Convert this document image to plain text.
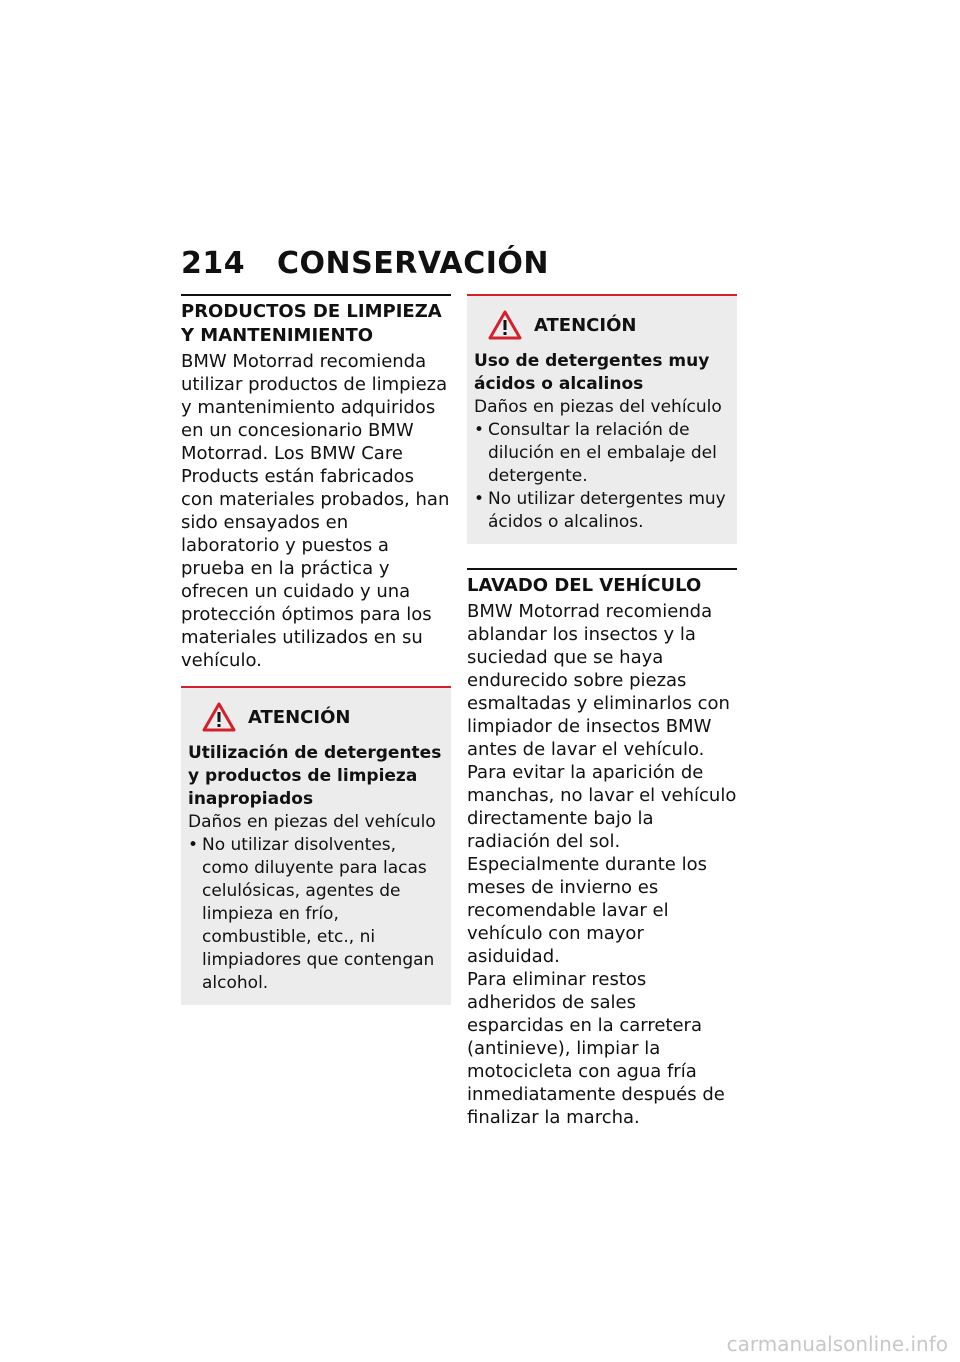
214 CONSERVACIÓN
PRODUCTOS DE LIMPIEZA Y MANTENIMIENTO

BMW Motorrad recomienda utilizar productos de limpieza y mantenimiento adquiridos en un concesionario BMW Motorrad. Los BMW Care Products están fabricados con materiales probados, han sido ensayados en laboratorio y puestos a prueba en la práctica y ofrecen un cuidado y una protección óptimos para los materiales utilizados en su vehículo.

ATENCIÓN

Utilización de detergentes y productos de limpieza inapropiados

Daños en piezas del vehículo

• No utilizar disolventes, como diluyente para lacas celulósicas, agentes de limpieza en frío, combustible, etc., ni limpiadores que contengan alcohol.
ATENCIÓN

Uso de detergentes muy ácidos o alcalinos

Daños en piezas del vehículo

• Consultar la relación de dilución en el embalaje del detergente.
• No utilizar detergentes muy ácidos o alcalinos.
LAVADO DEL VEHÍCULO

BMW Motorrad recomienda ablandar los insectos y la suciedad que se haya endurecido sobre piezas esmaltadas y eliminarlos con limpiador de insectos BMW antes de lavar el vehículo.

Para evitar la aparición de manchas, no lavar el vehículo directamente bajo la radiación del sol.

Especialmente durante los meses de invierno es recomendable lavar el vehículo con mayor asiduidad.

Para eliminar restos adheridos de sales esparcidas en la carretera (antinieve), limpiar la motocicleta con agua fría inmediatamente después de finalizar la marcha.

carmanualsonline.info
